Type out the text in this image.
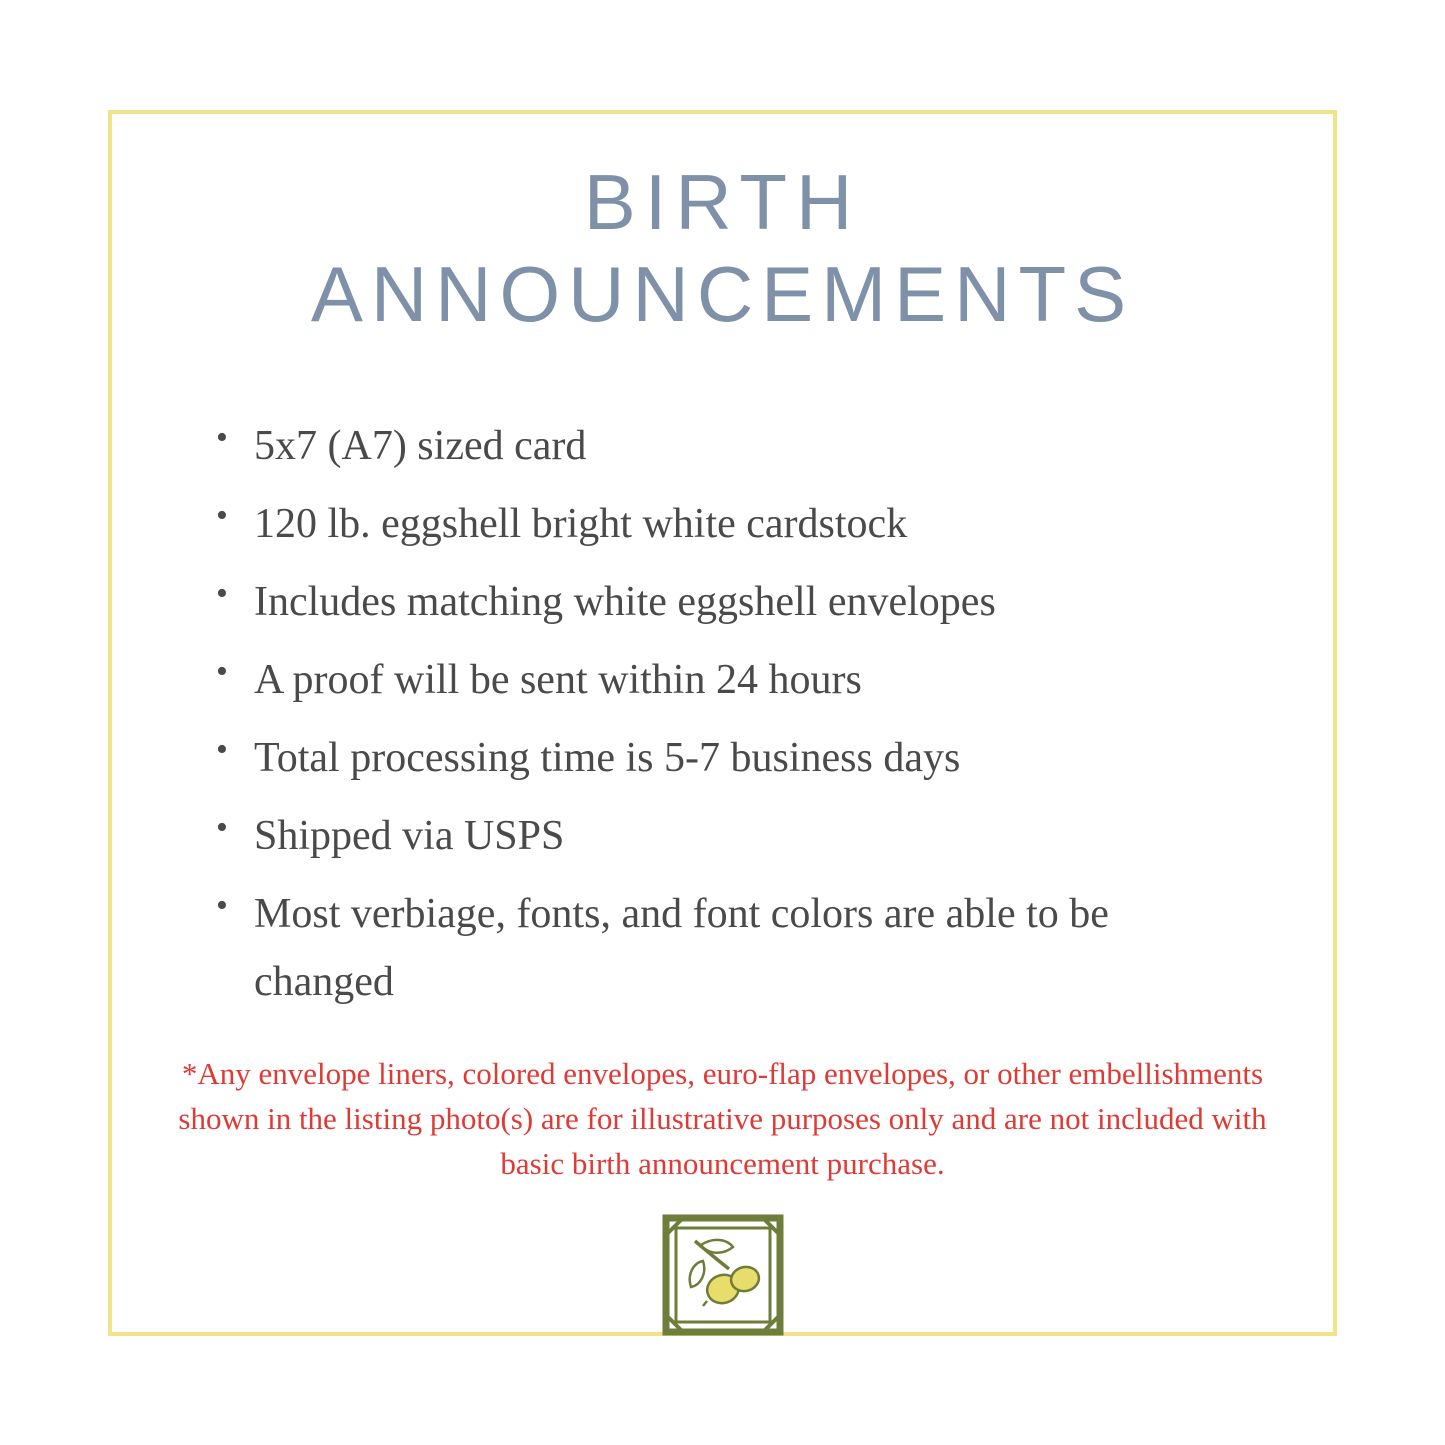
BIRTH
ANNOUNCEMENTS
• 5x7 (A7) sized card
• 120 lb. eggshell bright white cardstock
• Includes matching white eggshell envelopes
• A proof will be sent within 24 hours
• Total processing time is 5-7 business days
• Shipped via USPS
• Most verbiage, fonts, and font colors are able to be changed
*Any envelope liners, colored envelopes, euro-flap envelopes, or other embellishments shown in the listing photo(s) are for illustrative purposes only and are not included with basic birth announcement purchase.
